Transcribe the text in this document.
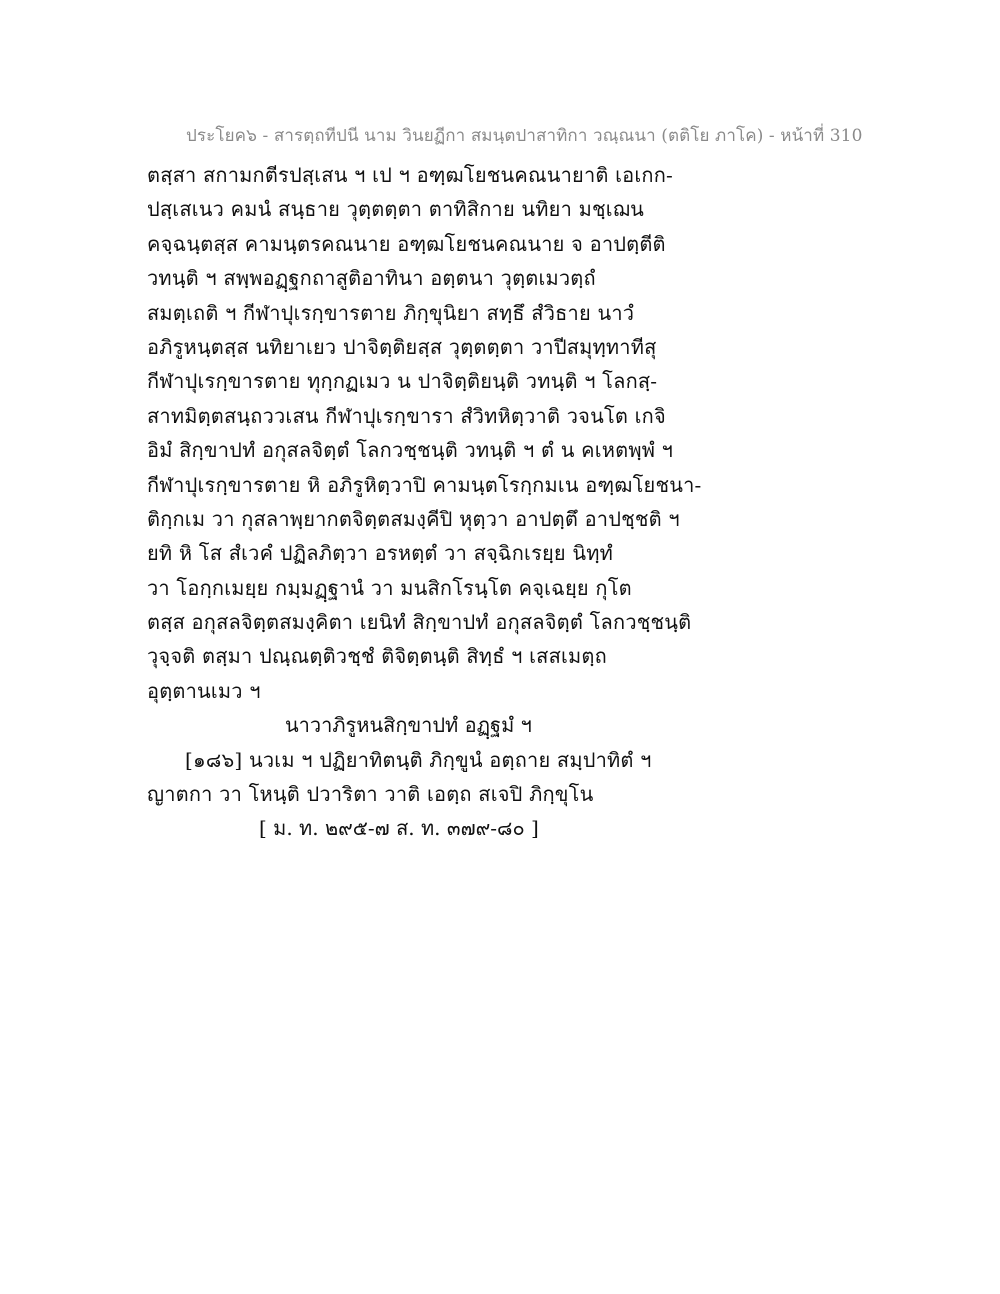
ประโยค๖ - สารตฺถทีปนี นาม วินยฏีกา สมนฺตปาสาทิกา วณฺณนา (ตติโย ภาโค) - หน้าที่ 310
ตสฺสา สกามกตีรปสฺเสน ฯ เป ฯ อฑฺฒโยชนคณนายาติ เอเกก-
ปสฺเสเนว คมนํ สนฺธาย วุตฺตตฺตา ตาทิสิกาย นทิยา มชฺเฌน
คจฺฉนฺตสฺส คามนฺตรคณนาย อฑฺฒโยชนคณนาย จ อาปตฺตีติ
วทนฺติ ฯ สพฺพอฏฺฐกถาสูติอาทินา อตฺตนา วุตฺตเมวตฺถํ
สมตฺเถติ ฯ กีฬาปุเรกฺขารตาย ภิกฺขุนิยา สทฺธึ สํวิธาย นาวํ
อภิรูหนฺตสฺส นทิยาเยว ปาจิตฺติยสฺส วุตฺตตฺตา วาปีสมุทฺทาทีสุ
กีฬาปุเรกฺขารตาย ทุกฺกฏเมว น ปาจิตฺติยนฺติ วทนฺติ ฯ โลกสฺ-
สาทมิตฺตสนฺถววเสน กีฬาปุเรกฺขารา สํวิทหิตฺวาติ วจนโต เกจิ
อิมํ สิกฺขาปทํ อกุสลจิตฺตํ โลกวชฺชนฺติ วทนฺติ ฯ ตํ น คเหตพฺพํ ฯ
กีฬาปุเรกฺขารตาย หิ อภิรูหิตฺวาปิ คามนฺตโรกฺกมเน อฑฺฒโยชนา-
ติกฺกเม วา กุสลาพฺยากตจิตฺตสมงฺคีปิ หุตฺวา อาปตฺตึ อาปชฺชติ ฯ
ยทิ หิ โส สํเวคํ ปฏิลภิตฺวา อรหตฺตํ วา สจฺฉิกเรยฺย นิทฺทํ
วา โอกฺกเมยฺย กมฺมฏฺฐานํ วา มนสิกโรนฺโต คจฺเฉยฺย กุโต
ตสฺส อกุสลจิตฺตสมงฺคิตา เยนิทํ สิกฺขาปทํ อกุสลจิตฺตํ โลกวชฺชนฺติ
วุจฺจติ ตสฺมา ปณฺณตฺติวชฺชํ ติจิตฺตนฺติ สิทฺธํ ฯ เสสเมตฺถ
อุตฺตานเมว ฯ
นาวาภิรูหนสิกฺขาปทํ อฏฺฐมํ ฯ
[๑๘๖] นวเม ฯ ปฏิยาทิตนฺติ ภิกฺขูนํ อตฺถาย สมฺปาทิตํ ฯ
ญาตกา วา โหนฺติ ปวาริตา วาติ เอตฺถ สเจปิ ภิกฺขุโน
[ ม. ท. ๒๙๕-๗ ส. ท. ๓๗๙-๘๐ ]
